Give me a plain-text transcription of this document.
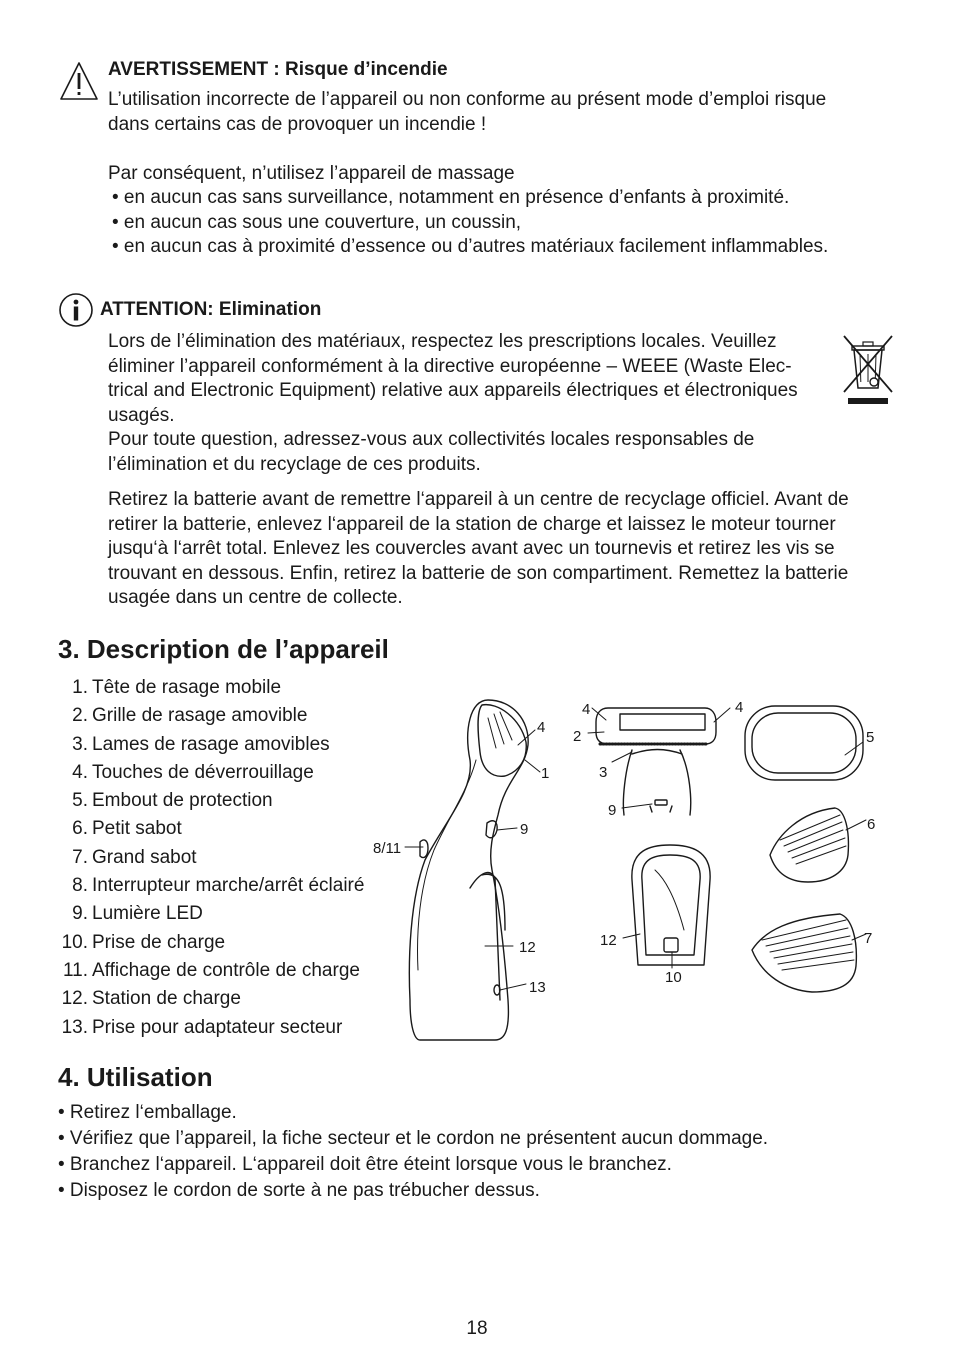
AVERTISSEMENT : Risque d’incendie

L’utilisation incorrecte de l’appareil ou non conforme au présent mode d’emploi risque

dans certains cas de provoquer un incendie !

Par conséquent, n’utilisez l’appareil de massage
• en aucun cas sans surveillance, notamment en présence d’enfants à proximité.
• en aucun cas sous une couverture, un coussin,
• en aucun cas à proximité d’essence ou d’autres matériaux facilement inflammables.
ATTENTION: Elimination

Lors de l’élimination des matériaux, respectez les prescriptions locales. Veuillez

éliminer l’appareil conformément à la directive européenne – WEEE (Waste Elec-

trical and Electronic Equipment) relative aux appareils électriques et électroniques

usagés.

Pour toute question, adressez-vous aux collectivités locales responsables de

l’élimination et du recyclage de ces produits.

Retirez la batterie avant de remettre l‘appareil à un centre de recyclage officiel. Avant de

retirer la batterie, enlevez l‘appareil de la station de charge et laissez le moteur tourner

jusqu‘à l‘arrêt total. Enlevez les couvercles avant avec un tournevis et retirez les vis se

trouvant en dessous. Enfin, retirez la batterie de son compartiment. Remettez la batterie

usagée dans un centre de collecte.

3. Description de l’appareil
1. Tête de rasage mobile
2. Grille de rasage amovible
3. Lames de rasage amovibles
4. Touches de déverrouillage
5. Embout de protection
6. Petit sabot
7. Grand sabot
8. Interrupteur marche/arrêt éclairé
9. Lumière LED
10. Prise de charge
11. Affichage de contrôle de charge
12. Station de charge
13. Prise pour adaptateur secteur
4
1
9
8/11
12
13
4	4
2
3
9
5
6
12
10
7
4. Utilisation
• Retirez l‘emballage.
• Vérifiez que l’appareil, la fiche secteur et le cordon ne présentent aucun dommage.
• Branchez l‘appareil. L‘appareil doit être éteint lorsque vous le branchez.
• Disposez le cordon de sorte à ne pas trébucher dessus.
18
